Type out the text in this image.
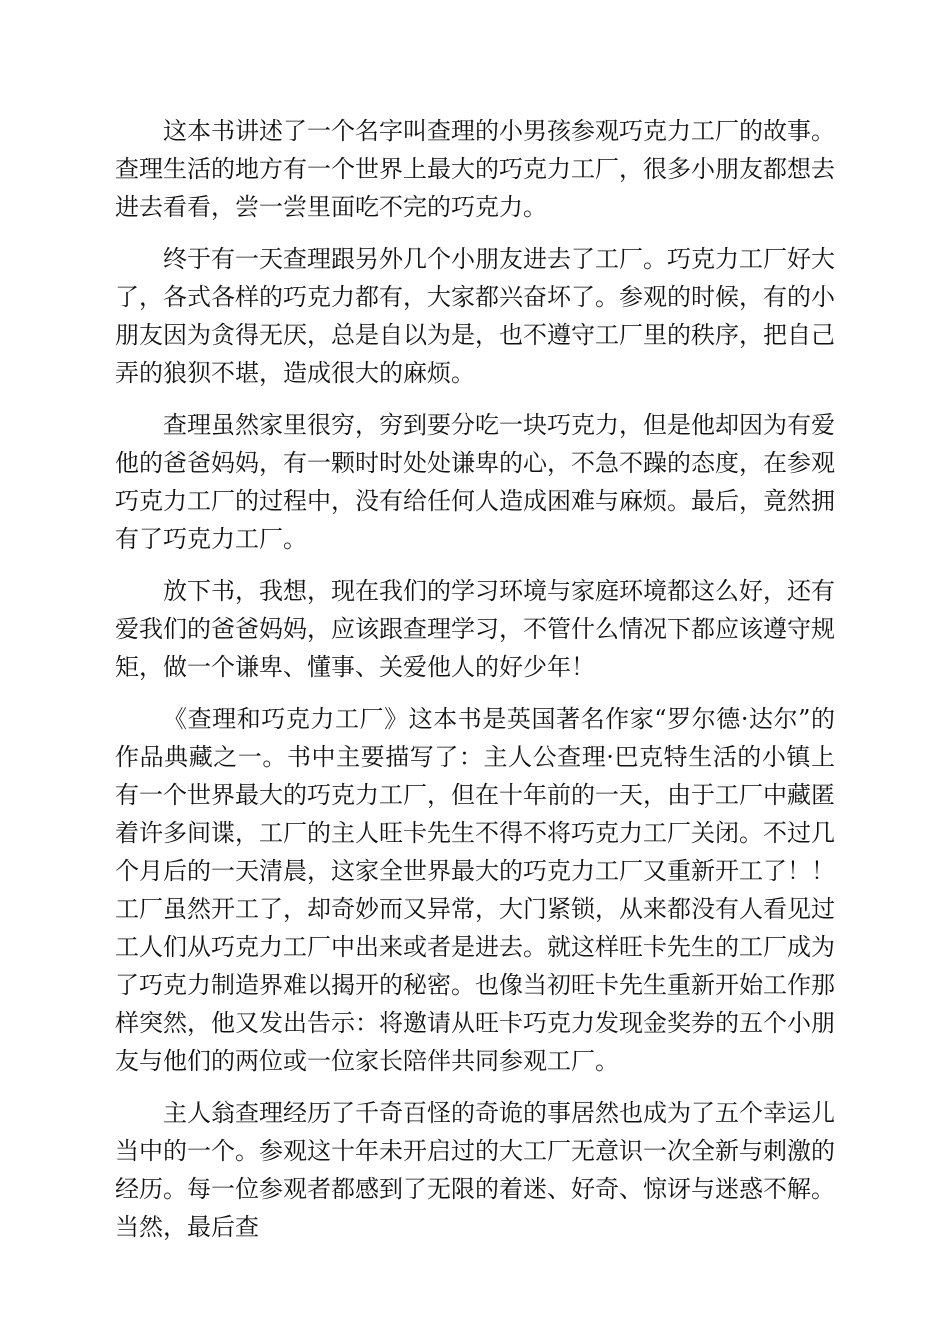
这本书讲述了一个名字叫查理的小男孩参观巧克力工厂的故事。查理生活的地方有一个世界上最大的巧克力工厂，很多小朋友都想去进去看看，尝一尝里面吃不完的巧克力。

终于有一天查理跟另外几个小朋友进去了工厂。巧克力工厂好大了，各式各样的巧克力都有，大家都兴奋坏了。参观的时候，有的小朋友因为贪得无厌，总是自以为是，也不遵守工厂里的秩序，把自己弄的狼狈不堪，造成很大的麻烦。

查理虽然家里很穷，穷到要分吃一块巧克力，但是他却因为有爱他的爸爸妈妈，有一颗时时处处谦卑的心，不急不躁的态度，在参观巧克力工厂的过程中，没有给任何人造成困难与麻烦。最后，竟然拥有了巧克力工厂。

放下书，我想，现在我们的学习环境与家庭环境都这么好，还有爱我们的爸爸妈妈，应该跟查理学习，不管什么情况下都应该遵守规矩，做一个谦卑、懂事、关爱他人的好少年！

《查理和巧克力工厂》这本书是英国著名作家“罗尔德·达尔”的作品典藏之一。书中主要描写了：主人公查理·巴克特生活的小镇上有一个世界最大的巧克力工厂，但在十年前的一天，由于工厂中藏匿着许多间谍，工厂的主人旺卡先生不得不将巧克力工厂关闭。不过几个月后的一天清晨，这家全世界最大的巧克力工厂又重新开工了！！工厂虽然开工了，却奇妙而又异常，大门紧锁，从来都没有人看见过工人们从巧克力工厂中出来或者是进去。就这样旺卡先生的工厂成为了巧克力制造界难以揭开的秘密。也像当初旺卡先生重新开始工作那样突然，他又发出告示：将邀请从旺卡巧克力发现金奖券的五个小朋友与他们的两位或一位家长陪伴共同参观工厂。

主人翁查理经历了千奇百怪的奇诡的事居然也成为了五个幸运儿当中的一个。参观这十年未开启过的大工厂无意识一次全新与刺激的经历。每一位参观者都感到了无限的着迷、好奇、惊讶与迷惑不解。当然，最后查
